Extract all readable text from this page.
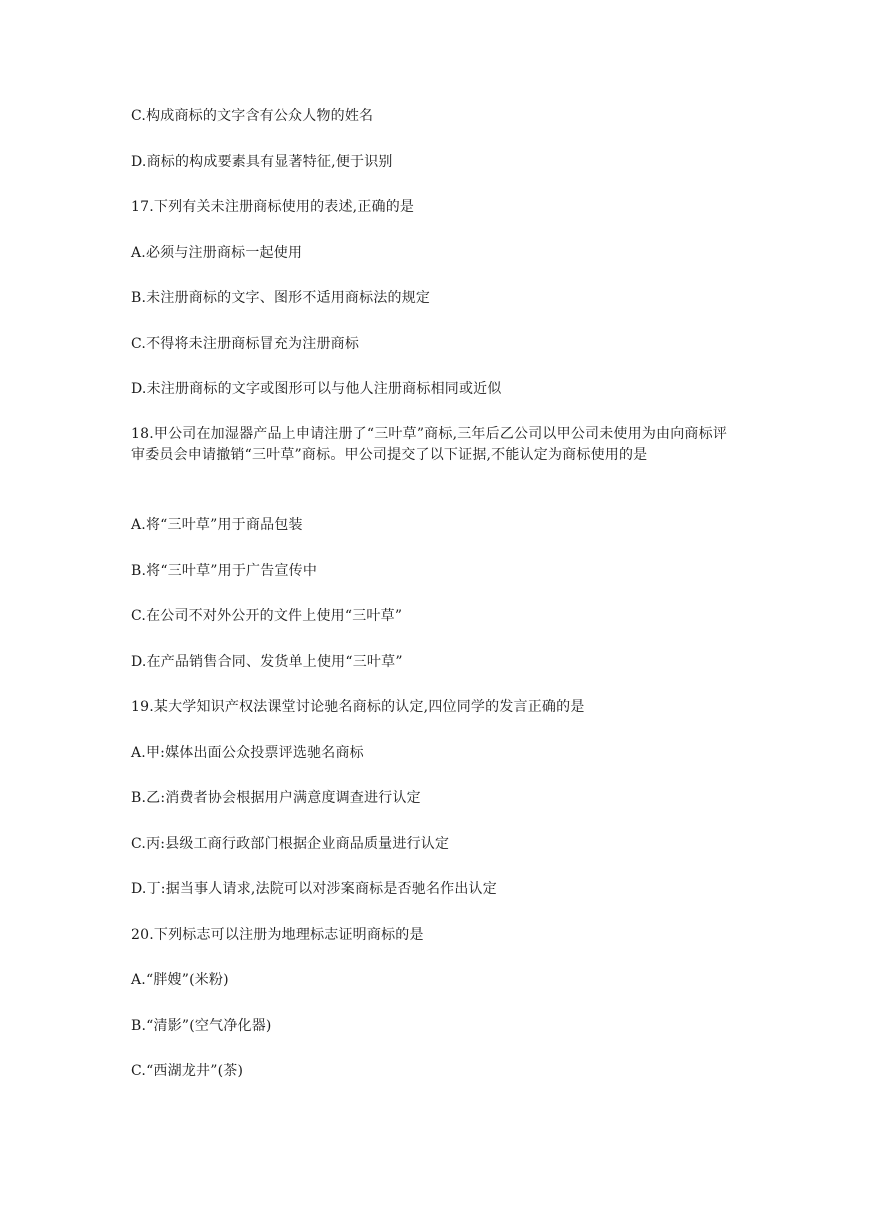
C.构成商标的文字含有公众人物的姓名
D.商标的构成要素具有显著特征,便于识别
17.下列有关未注册商标使用的表述,正确的是
A.必须与注册商标一起使用
B.未注册商标的文字、图形不适用商标法的规定
C.不得将未注册商标冒充为注册商标
D.未注册商标的文字或图形可以与他人注册商标相同或近似
18.甲公司在加湿器产品上申请注册了“三叶草”商标,三年后乙公司以甲公司未使用为由向商标评审委员会申请撤销“三叶草”商标。甲公司提交了以下证据,不能认定为商标使用的是
A.将“三叶草”用于商品包装
B.将“三叶草”用于广告宣传中
C.在公司不对外公开的文件上使用“三叶草”
D.在产品销售合同、发货单上使用“三叶草”
19.某大学知识产权法课堂讨论驰名商标的认定,四位同学的发言正确的是
A.甲:媒体出面公众投票评选驰名商标
B.乙:消费者协会根据用户满意度调查进行认定
C.丙:县级工商行政部门根据企业商品质量进行认定
D.丁:据当事人请求,法院可以对涉案商标是否驰名作出认定
20.下列标志可以注册为地理标志证明商标的是
A.“胖嫂”(米粉)
B.“清影”(空气净化器)
C.“西湖龙井”(茶)
